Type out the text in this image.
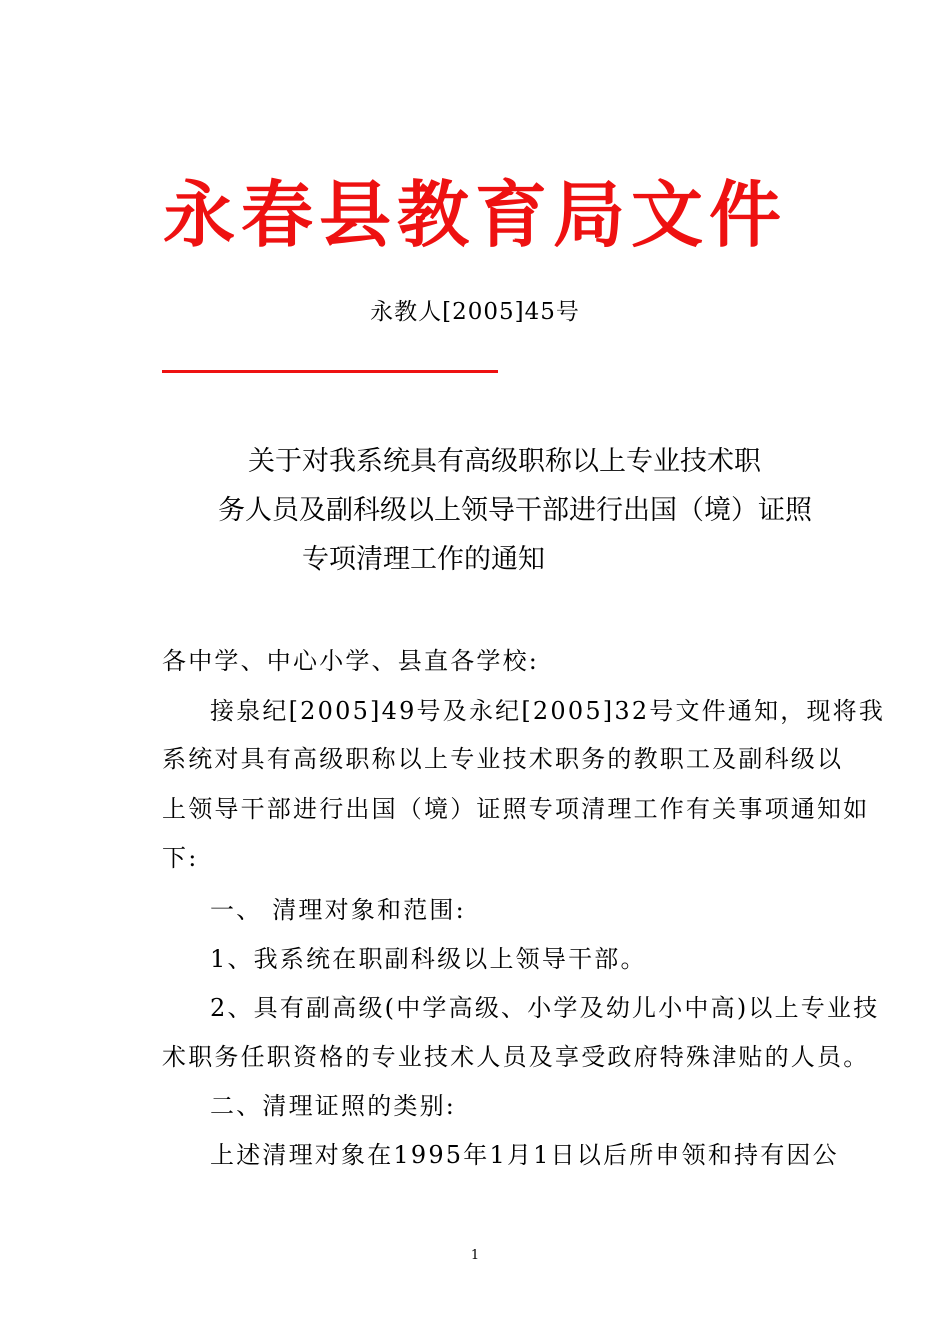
永春县教育局文件
永教人[2005]45号
关于对我系统具有高级职称以上专业技术职
务人员及副科级以上领导干部进行出国（境）证照
专项清理工作的通知
各中学、中心小学、县直各学校:
接泉纪[2005]49号及永纪[2005]32号文件通知，现将我
系统对具有高级职称以上专业技术职务的教职工及副科级以
上领导干部进行出国（境）证照专项清理工作有关事项通知如
下:
一、 清理对象和范围:
1、我系统在职副科级以上领导干部。
2、具有副高级(中学高级、小学及幼儿小中高)以上专业技
术职务任职资格的专业技术人员及享受政府特殊津贴的人员。
二、清理证照的类别:
上述清理对象在1995年1月1日以后所申领和持有因公
1
